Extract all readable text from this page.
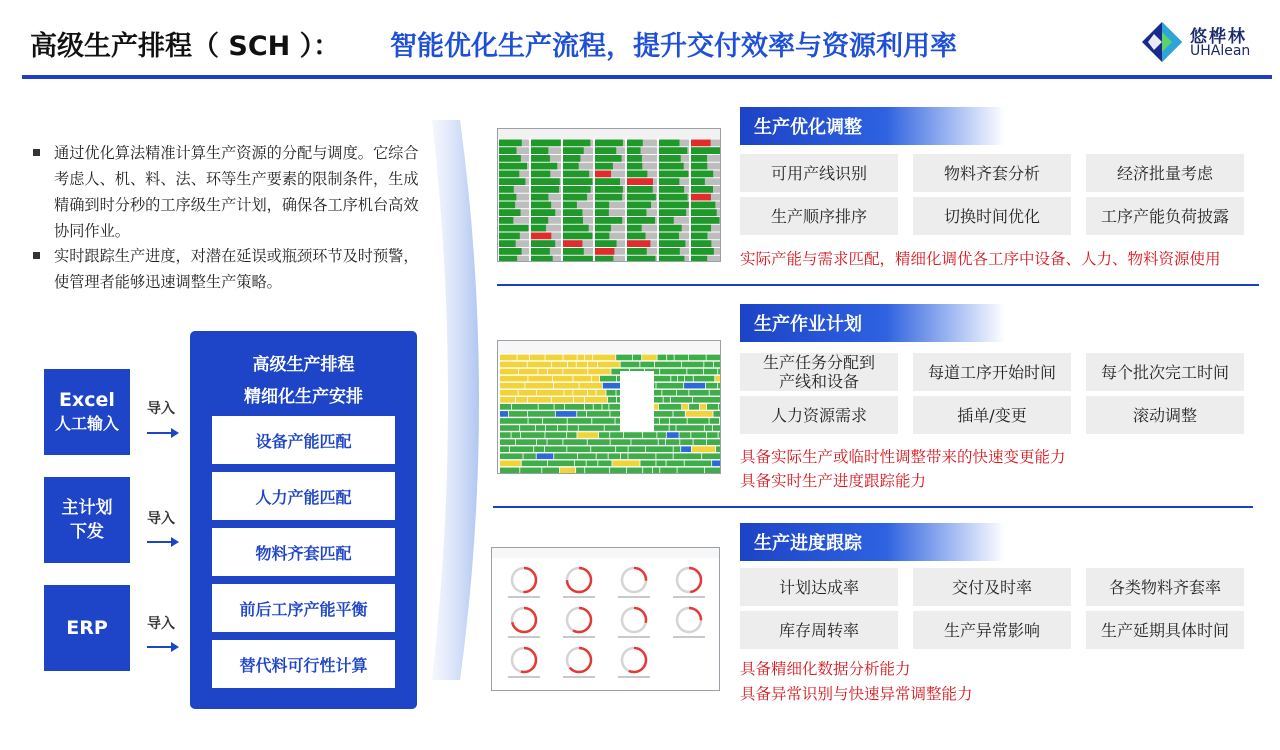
高级生产排程（ SCH ）： 智能优化生产流程，提升交付效率与资源利用率	悠桦林
UHAlean
通过优化算法精准计算生产资源的分配与调度。它综合考虑人、机、料、法、环等生产要素的限制条件，生成精确到时分秒的工序级生产计划，确保各工序机台高效协同作业。
实时跟踪生产进度，对潜在延误或瓶颈环节及时预警，使管理者能够迅速调整生产策略。
Excel
人工输入
主计划
下发
ERP
导入
导入
导入
高级生产排程
精细化生产安排
设备产能匹配
人力产能匹配
物料齐套匹配
前后工序产能平衡
替代料可行性计算
生产优化调整
可用产线识别	物料齐套分析	经济批量考虑
生产顺序排序	切换时间优化	工序产能负荷披露
实际产能与需求匹配，精细化调优各工序中设备、人力、物料资源使用
生产作业计划
生产任务分配到
产线和设备	每道工序开始时间	每个批次完工时间
人力资源需求	插单/变更	滚动调整
具备实际生产或临时性调整带来的快速变更能力
具备实时生产进度跟踪能力
生产进度跟踪
计划达成率	交付及时率	各类物料齐套率
库存周转率	生产异常影响	生产延期具体时间
具备精细化数据分析能力
具备异常识别与快速异常调整能力
